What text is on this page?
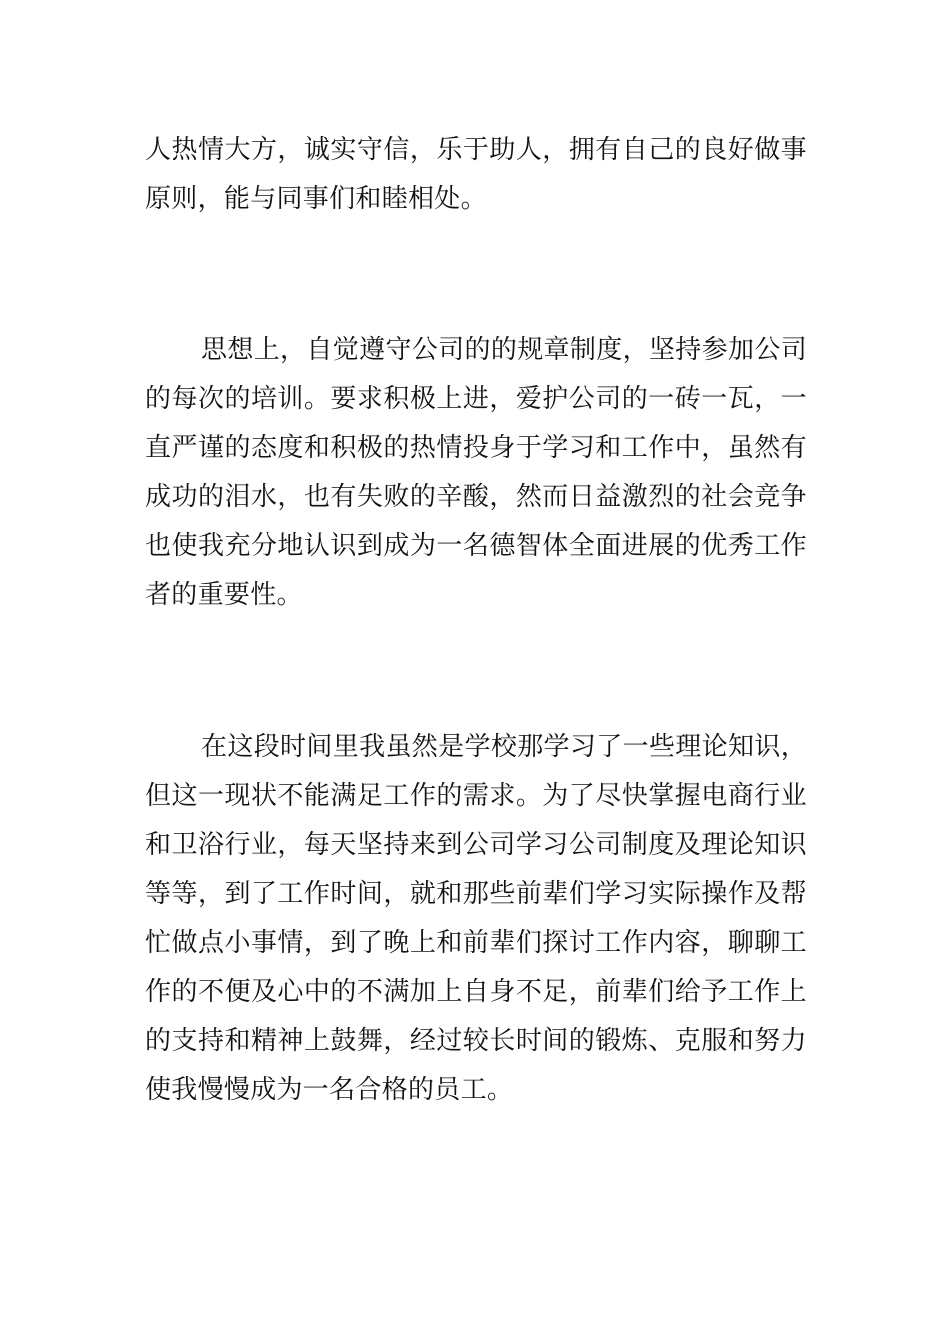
人热情大方，诚实守信，乐于助人，拥有自己的良好做事原则，能与同事们和睦相处。

思想上，自觉遵守公司的的规章制度，坚持参加公司的每次的培训。要求积极上进，爱护公司的一砖一瓦，一直严谨的态度和积极的热情投身于学习和工作中，虽然有成功的泪水，也有失败的辛酸，然而日益激烈的社会竞争也使我充分地认识到成为一名德智体全面进展的优秀工作者的重要性。

在这段时间里我虽然是学校那学习了一些理论知识，但这一现状不能满足工作的需求。为了尽快掌握电商行业和卫浴行业，每天坚持来到公司学习公司制度及理论知识等等，到了工作时间，就和那些前辈们学习实际操作及帮忙做点小事情，到了晚上和前辈们探讨工作内容，聊聊工作的不便及心中的不满加上自身不足，前辈们给予工作上的支持和精神上鼓舞，经过较长时间的锻炼、克服和努力使我慢慢成为一名合格的员工。
